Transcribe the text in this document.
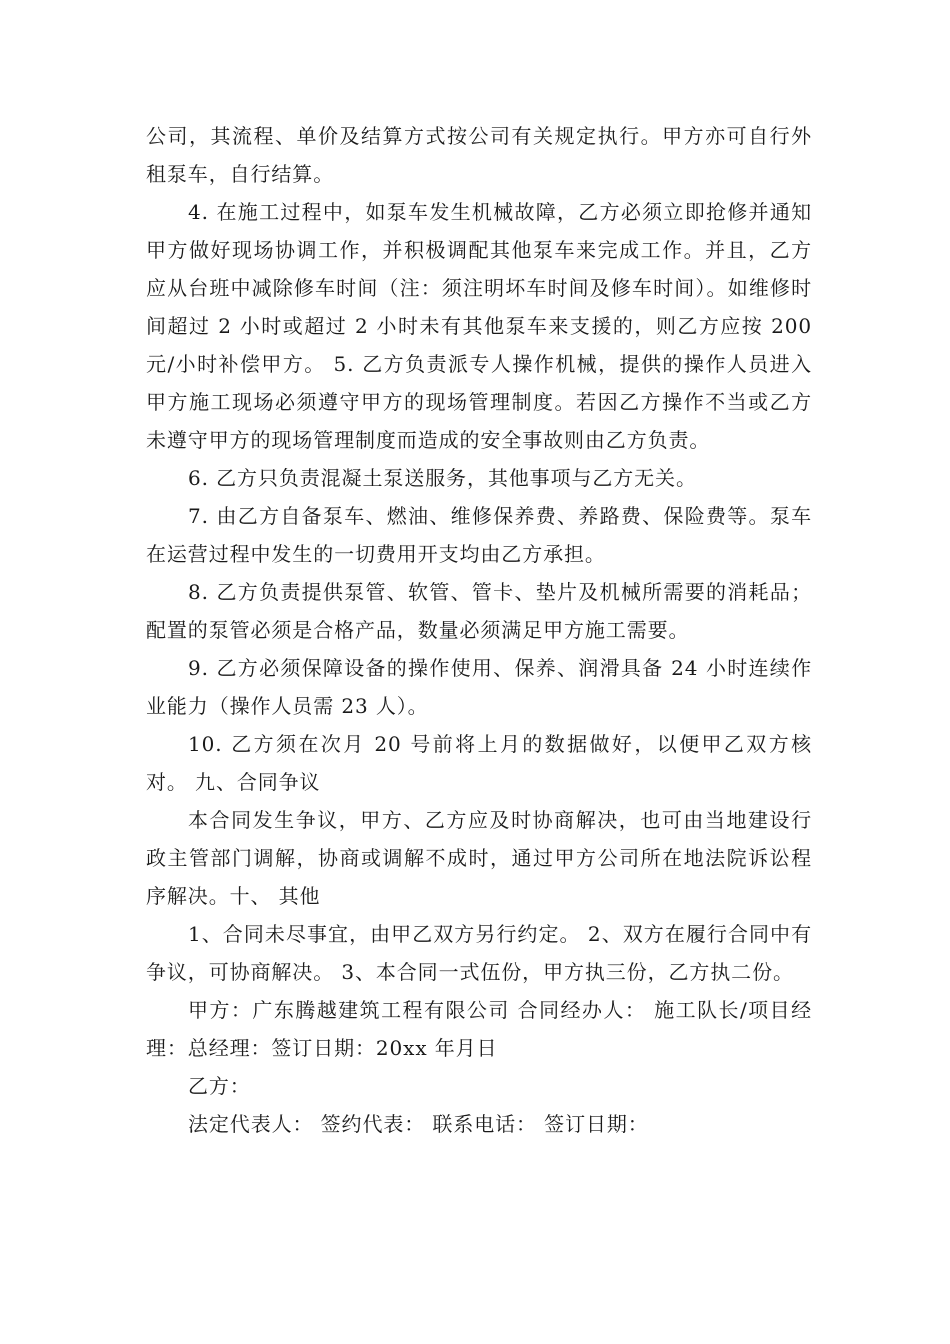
公司，其流程、单价及结算方式按公司有关规定执行。甲方亦可自行外租泵车，自行结算。

4. 在施工过程中，如泵车发生机械故障，乙方必须立即抢修并通知甲方做好现场协调工作，并积极调配其他泵车来完成工作。并且，乙方应从台班中减除修车时间（注：须注明坏车时间及修车时间）。如维修时间超过 2 小时或超过 2 小时未有其他泵车来支援的，则乙方应按 200 元/小时补偿甲方。 5. 乙方负责派专人操作机械，提供的操作人员进入甲方施工现场必须遵守甲方的现场管理制度。若因乙方操作不当或乙方未遵守甲方的现场管理制度而造成的安全事故则由乙方负责。

6. 乙方只负责混凝土泵送服务，其他事项与乙方无关。

7. 由乙方自备泵车、燃油、维修保养费、养路费、保险费等。泵车在运营过程中发生的一切费用开支均由乙方承担。

8. 乙方负责提供泵管、软管、管卡、垫片及机械所需要的消耗品；配置的泵管必须是合格产品，数量必须满足甲方施工需要。

9. 乙方必须保障设备的操作使用、保养、润滑具备 24 小时连续作业能力（操作人员需 23 人）。

10. 乙方须在次月 20 号前将上月的数据做好，以便甲乙双方核对。 九、合同争议

本合同发生争议，甲方、乙方应及时协商解决，也可由当地建设行政主管部门调解，协商或调解不成时，通过甲方公司所在地法院诉讼程序解决。十、 其他

1、合同未尽事宜，由甲乙双方另行约定。 2、双方在履行合同中有争议，可协商解决。 3、本合同一式伍份，甲方执三份，乙方执二份。

甲方：广东腾越建筑工程有限公司 合同经办人： 施工队长/项目经理：总经理：签订日期：20xx 年月日

乙方：

法定代表人： 签约代表： 联系电话： 签订日期：
